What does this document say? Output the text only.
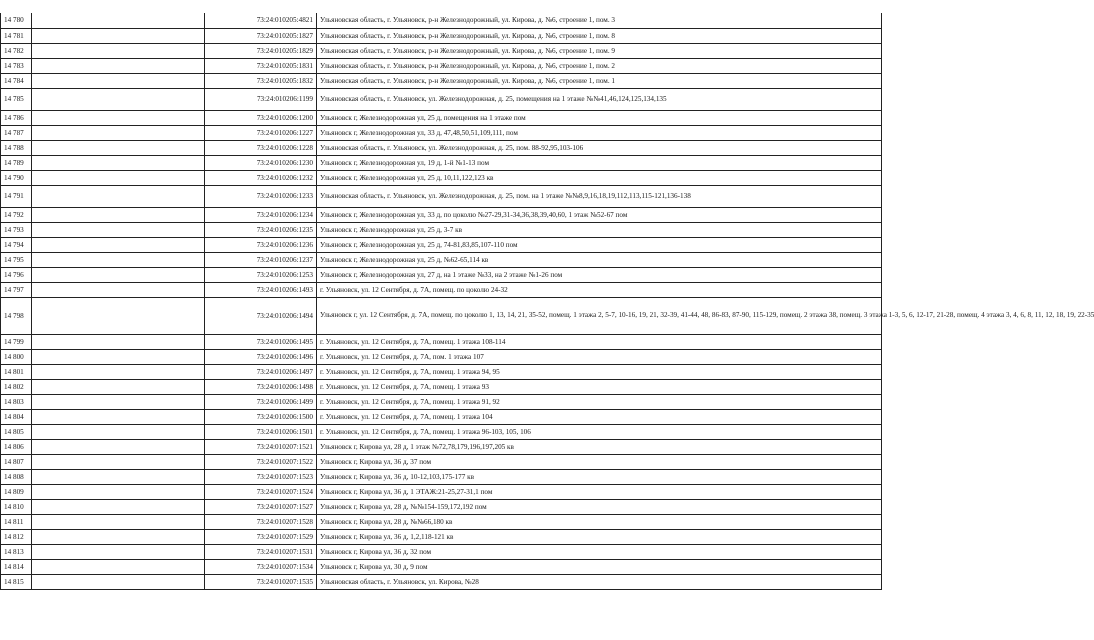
14 780		73:24:010205:4821	Ульяновская область, г. Ульяновск, р-н Железнодорожный, ул. Кирова, д. №6, строение 1, пом. 3
14 781		73:24:010205:1827	Ульяновская область, г. Ульяновск, р-н Железнодорожный, ул. Кирова, д. №6, строение 1, пом. 8
14 782		73:24:010205:1829	Ульяновская область, г. Ульяновск, р-н Железнодорожный, ул. Кирова, д. №6, строение 1, пом. 9
14 783		73:24:010205:1831	Ульяновская область, г. Ульяновск, р-н Железнодорожный, ул. Кирова, д. №6, строение 1, пом. 2
14 784		73:24:010205:1832	Ульяновская область, г. Ульяновск, р-н Железнодорожный, ул. Кирова, д. №6, строение 1, пом. 1
14 785		73:24:010206:1199	Ульяновская область, г. Ульяновск, ул. Железнодорожная, д. 25, помещения на 1 этаже №№41,46,124,125,134,135
14 786		73:24:010206:1200	Ульяновск г, Железнодорожная ул, 25 д, помещения на 1 этаже пом
14 787		73:24:010206:1227	Ульяновск г, Железнодорожная ул, 33 д, 47,48,50,51,109,111, пом
14 788		73:24:010206:1228	Ульяновская область, г. Ульяновск, ул. Железнодорожная, д. 25, пом. 88-92,95,103-106
14 789		73:24:010206:1230	Ульяновск г, Железнодорожная ул, 19 д, 1-й №1-13 пом
14 790		73:24:010206:1232	Ульяновск г, Железнодорожная ул, 25 д, 10,11,122,123 кв
14 791		73:24:010206:1233	Ульяновская область, г. Ульяновск, ул. Железнодорожная, д. 25, пом. на 1 этаже №№8,9,16,18,19,112,113,115-121,136-138
14 792		73:24:010206:1234	Ульяновск г, Железнодорожная ул, 33 д, по цоколю №27-29,31-34,36,38,39,40,60, 1 этаж №52-67 пом
14 793		73:24:010206:1235	Ульяновск г, Железнодорожная ул, 25 д, 3-7 кв
14 794		73:24:010206:1236	Ульяновск г, Железнодорожная ул, 25 д, 74-81,83,85,107-110 пом
14 795		73:24:010206:1237	Ульяновск г, Железнодорожная ул, 25 д, №62-65,114 кв
14 796		73:24:010206:1253	Ульяновск г, Железнодорожная ул, 27 д, на 1 этаже №33, на 2 этаже №1-26 пом
14 797		73:24:010206:1493	г. Ульяновск, ул. 12 Сентября, д. 7А, помещ. по цоколю 24-32
14 798		73:24:010206:1494	Ульяновск г, ул. 12 Сентября, д. 7А, помещ. по цоколю 1, 13, 14, 21, 35-52, помещ. 1 этажа 2, 5-7, 10-16, 19, 21, 32-39, 41-44, 48, 86-83, 87-90, 115-129, помещ. 2 этажа 38, помещ. 3 этажа 1-3, 5, 6, 12-17, 21-28, помещ. 4 этажа 3, 4, 6, 8, 11, 12, 18, 19, 22-35
14 799		73:24:010206:1495	г. Ульяновск, ул. 12 Сентября, д. 7А, помещ. 1 этажа 108-114
14 800		73:24:010206:1496	г. Ульяновск, ул. 12 Сентября, д. 7А, пом. 1 этажа 107
14 801		73:24:010206:1497	г. Ульяновск, ул. 12 Сентября, д. 7А, помещ. 1 этажа 94, 95
14 802		73:24:010206:1498	г. Ульяновск, ул. 12 Сентября, д. 7А, помещ. 1 этажа 93
14 803		73:24:010206:1499	г. Ульяновск, ул. 12 Сентября, д. 7А, помещ. 1 этажа 91, 92
14 804		73:24:010206:1500	г. Ульяновск, ул. 12 Сентября, д. 7А, помещ. 1 этажа 104
14 805		73:24:010206:1501	г. Ульяновск, ул. 12 Сентября, д. 7А, помещ. 1 этажа 96-103, 105, 106
14 806		73:24:010207:1521	Ульяновск г, Кирова ул, 28 д, 1 этаж №72,78,179,196,197,205 кв
14 807		73:24:010207:1522	Ульяновск г, Кирова ул, 36 д, 37 пом
14 808		73:24:010207:1523	Ульяновск г, Кирова ул, 36 д, 10-12,103,175-177 кв
14 809		73:24:010207:1524	Ульяновск г, Кирова ул, 36 д, 1 ЭТАЖ:21-25,27-31,1 пом
14 810		73:24:010207:1527	Ульяновск г, Кирова ул, 28 д, №№154-159,172,192 пом
14 811		73:24:010207:1528	Ульяновск г, Кирова ул, 28 д, №№66,180 кв
14 812		73:24:010207:1529	Ульяновск г, Кирова ул, 36 д, 1,2,118-121 кв
14 813		73:24:010207:1531	Ульяновск г, Кирова ул, 36 д, 32 пом
14 814		73:24:010207:1534	Ульяновск г, Кирова ул, 30 д, 9 пом
14 815		73:24:010207:1535	Ульяновская область, г. Ульяновск, ул. Кирова, №28
